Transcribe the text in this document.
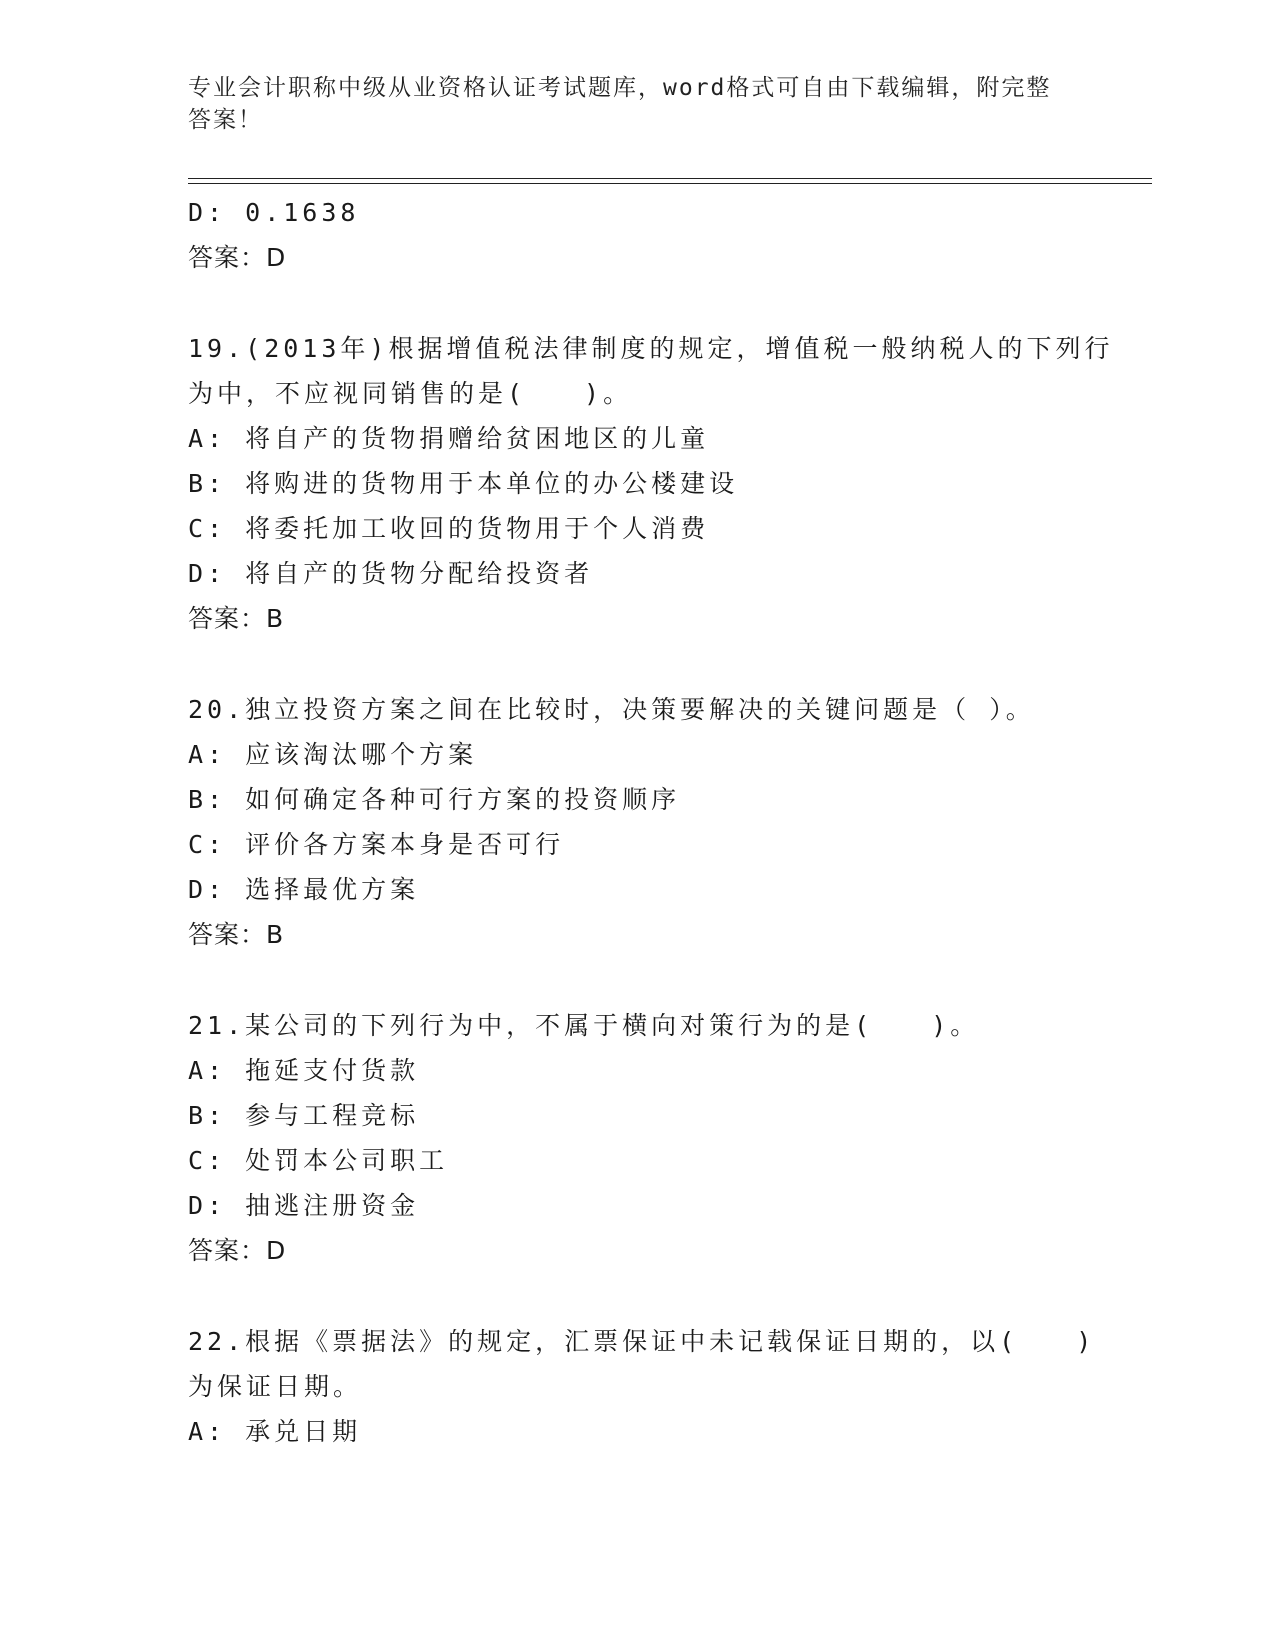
专业会计职称中级从业资格认证考试题库，word格式可自由下载编辑，附完整答案！
D: 0.1638
答案：D
19.(2013年)根据增值税法律制度的规定，增值税一般纳税人的下列行为中，不应视同销售的是(　　)。
A: 将自产的货物捐赠给贫困地区的儿童
B: 将购进的货物用于本单位的办公楼建设
C: 将委托加工收回的货物用于个人消费
D: 将自产的货物分配给投资者
答案：B
20.独立投资方案之间在比较时，决策要解决的关键问题是（ ）。
A: 应该淘汰哪个方案
B: 如何确定各种可行方案的投资顺序
C: 评价各方案本身是否可行
D: 选择最优方案
答案：B
21.某公司的下列行为中，不属于横向对策行为的是(　　)。
A: 拖延支付货款
B: 参与工程竞标
C: 处罚本公司职工
D: 抽逃注册资金
答案：D
22.根据《票据法》的规定，汇票保证中未记载保证日期的，以(　　)为保证日期。
A: 承兑日期
